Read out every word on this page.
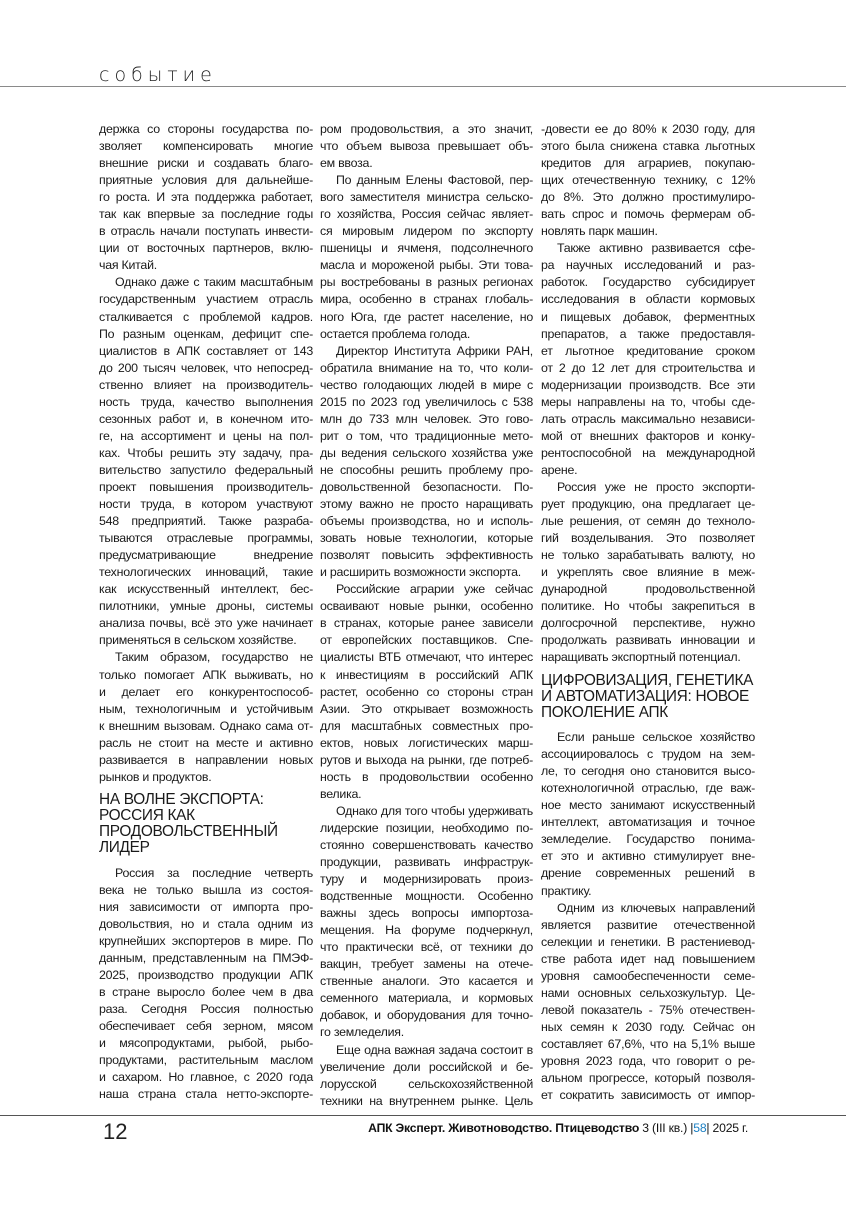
событие
держка со стороны государства по-
зволяет компенсировать многие
внешние риски и создавать благо-
приятные условия для дальнейше-
го роста. И эта поддержка работает,
так как впервые за последние годы
в отрасль начали поступать инвести-
ции от восточных партнеров, вклю-
чая Китай.
Однако даже с таким масштабным
государственным участием отрасль
сталкивается с проблемой кадров.
По разным оценкам, дефицит спе-
циалистов в АПК составляет от 143
до 200 тысяч человек, что непосред-
ственно влияет на производитель-
ность труда, качество выполнения
сезонных работ и, в конечном ито-
ге, на ассортимент и цены на пол-
ках. Чтобы решить эту задачу, пра-
вительство запустило федеральный
проект повышения производитель-
ности труда, в котором участвуют
548 предприятий. Также разраба-
тываются отраслевые программы,
предусматривающие внедрение
технологических инноваций, такие
как искусственный интеллект, бес-
пилотники, умные дроны, системы
анализа почвы, всё это уже начинает
применяться в сельском хозяйстве.
Таким образом, государство не
только помогает АПК выживать, но
и делает его конкурентоспособ-
ным, технологичным и устойчивым
к внешним вызовам. Однако сама от-
расль не стоит на месте и активно
развивается в направлении новых
рынков и продуктов.
НА ВОЛНЕ ЭКСПОРТА:
РОССИЯ КАК
ПРОДОВОЛЬСТВЕННЫЙ
ЛИДЕР
Россия за последние четверть
века не только вышла из состоя-
ния зависимости от импорта про-
довольствия, но и стала одним из
крупнейших экспортеров в мире. По
данным, представленным на ПМЭФ-
2025, производство продукции АПК
в стране выросло более чем в два
раза. Сегодня Россия полностью
обеспечивает себя зерном, мясом
и мясопродуктами, рыбой, рыбо-
продуктами, растительным маслом
и сахаром. Но главное, с 2020 года
наша страна стала нетто-экспорте-
ром продовольствия, а это значит,
что объем вывоза превышает объ-
ем ввоза.
По данным Елены Фастовой, пер-
вого заместителя министра сельско-
го хозяйства, Россия сейчас являет-
ся мировым лидером по экспорту
пшеницы и ячменя, подсолнечного
масла и мороженой рыбы. Эти това-
ры востребованы в разных регионах
мира, особенно в странах глобаль-
ного Юга, где растет население, но
остается проблема голода.
Директор Института Африки РАН,
обратила внимание на то, что коли-
чество голодающих людей в мире с
2015 по 2023 год увеличилось с 538
млн до 733 млн человек. Это гово-
рит о том, что традиционные мето-
ды ведения сельского хозяйства уже
не способны решить проблему про-
довольственной безопасности. По-
этому важно не просто наращивать
объемы производства, но и исполь-
зовать новые технологии, которые
позволят повысить эффективность
и расширить возможности экспорта.
Российские аграрии уже сейчас
осваивают новые рынки, особенно
в странах, которые ранее зависели
от европейских поставщиков. Спе-
циалисты ВТБ отмечают, что интерес
к инвестициям в российский АПК
растет, особенно со стороны стран
Азии. Это открывает возможность
для масштабных совместных про-
ектов, новых логистических марш-
рутов и выхода на рынки, где потреб-
ность в продовольствии особенно
велика.
Однако для того чтобы удерживать
лидерские позиции, необходимо по-
стоянно совершенствовать качество
продукции, развивать инфраструк-
туру и модернизировать произ-
водственные мощности. Особенно
важны здесь вопросы импортоза-
мещения. На форуме подчеркнул,
что практически всё, от техники до
вакцин, требует замены на отече-
ственные аналоги. Это касается и
семенного материала, и кормовых
добавок, и оборудования для точно-
го земледелия.
Еще одна важная задача состоит в
увеличение доли российской и бе-
лорусской сельскохозяйственной
техники на внутреннем рынке. Цель
-довести ее до 80% к 2030 году, для
этого была снижена ставка льготных
кредитов для аграриев, покупаю-
щих отечественную технику, с 12%
до 8%. Это должно простимулиро-
вать спрос и помочь фермерам об-
новлять парк машин.
Также активно развивается сфе-
ра научных исследований и раз-
работок. Государство субсидирует
исследования в области кормовых
и пищевых добавок, ферментных
препаратов, а также предоставля-
ет льготное кредитование сроком
от 2 до 12 лет для строительства и
модернизации производств. Все эти
меры направлены на то, чтобы сде-
лать отрасль максимально независи-
мой от внешних факторов и конку-
рентоспособной на международной
арене.
Россия уже не просто экспорти-
рует продукцию, она предлагает це-
лые решения, от семян до техноло-
гий возделывания. Это позволяет
не только зарабатывать валюту, но
и укреплять свое влияние в меж-
дународной продовольственной
политике. Но чтобы закрепиться в
долгосрочной перспективе, нужно
продолжать развивать инновации и
наращивать экспортный потенциал.
ЦИФРОВИЗАЦИЯ, ГЕНЕТИКА
И АВТОМАТИЗАЦИЯ: НОВОЕ
ПОКОЛЕНИЕ АПК
Если раньше сельское хозяйство
ассоциировалось с трудом на зем-
ле, то сегодня оно становится высо-
котехнологичной отраслью, где важ-
ное место занимают искусственный
интеллект, автоматизация и точное
земледелие. Государство понима-
ет это и активно стимулирует вне-
дрение современных решений в
практику.
Одним из ключевых направлений
является развитие отечественной
селекции и генетики. В растениевод-
стве работа идет над повышением
уровня самообеспеченности семе-
нами основных сельхозкультур. Це-
левой показатель - 75% отечествен-
ных семян к 2030 году. Сейчас он
составляет 67,6%, что на 5,1% выше
уровня 2023 года, что говорит о ре-
альном прогрессе, который позволя-
ет сократить зависимость от импор-
12	АПК Эксперт. Животноводство. Птицеводство 3 (III кв.) |58| 2025 г.
